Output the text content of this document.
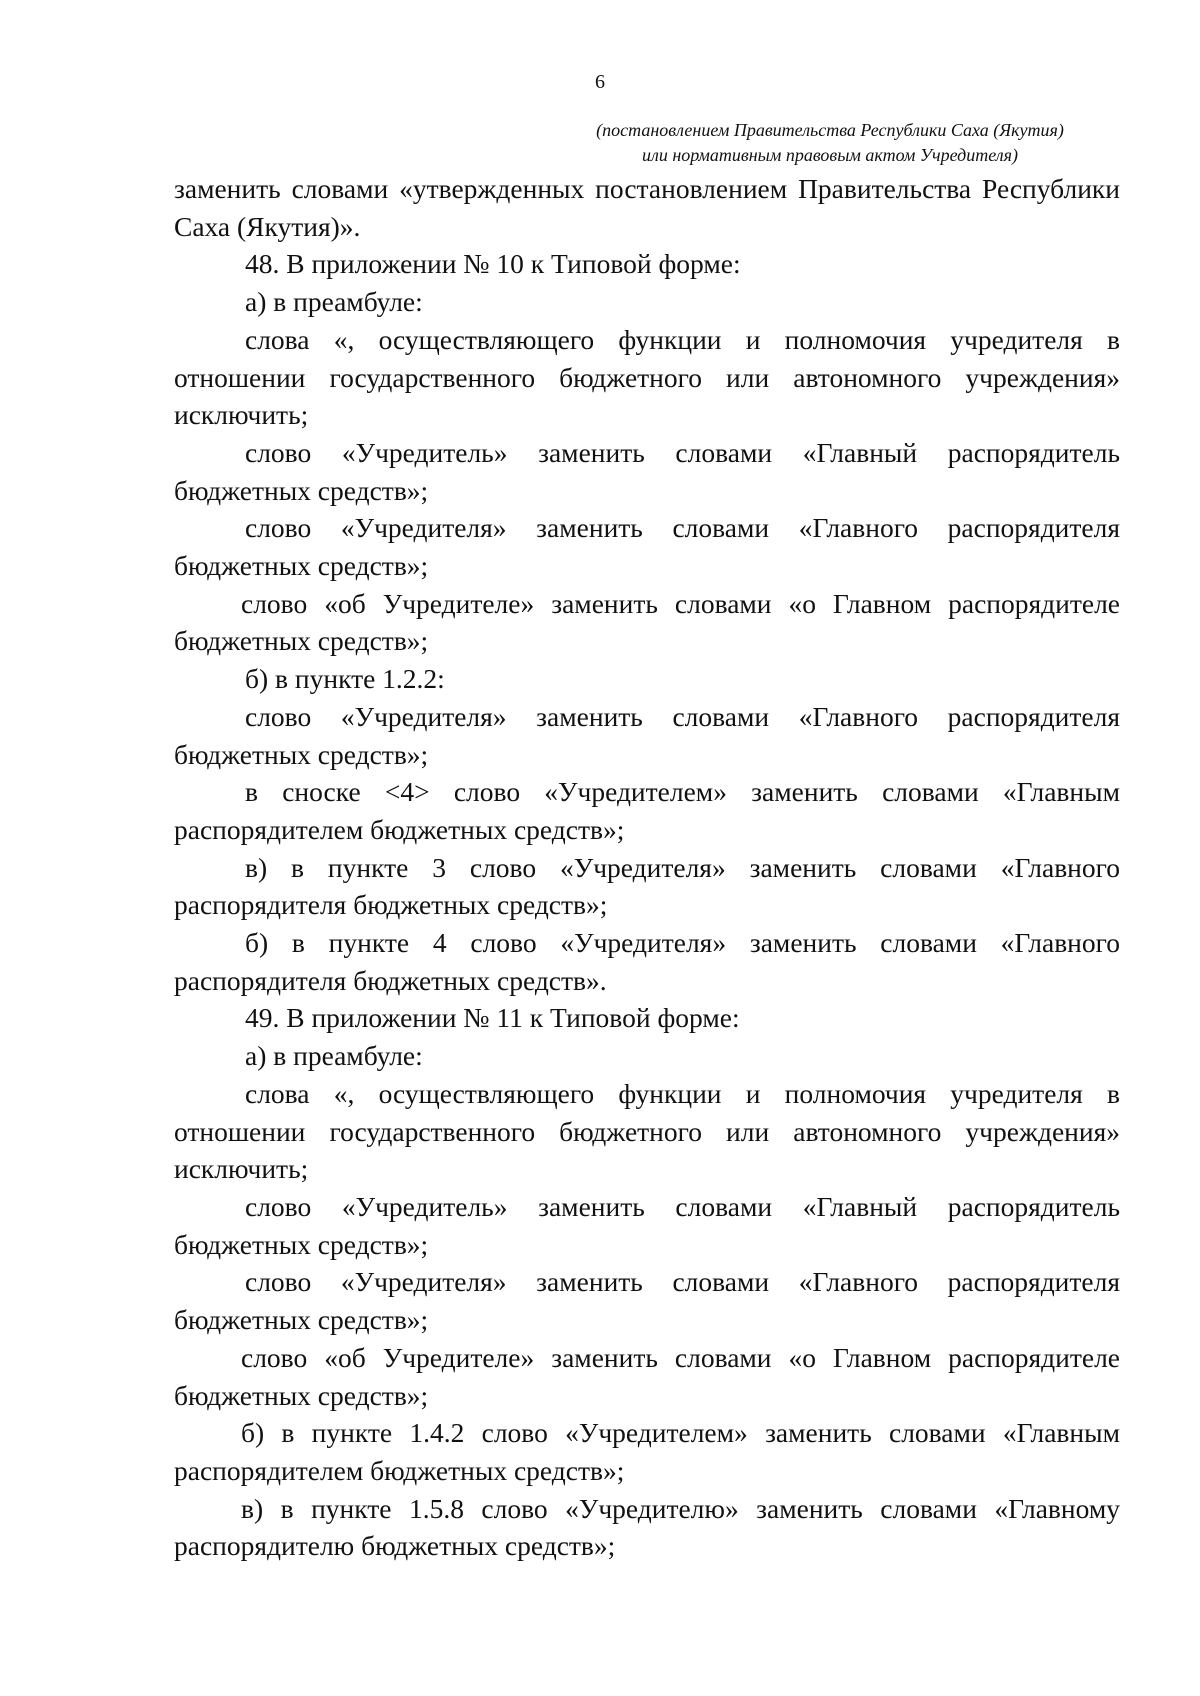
6
(постановлением Правительства Республики Саха (Якутия)
или нормативным правовым актом Учредителя)

заменить словами «утвержденных постановлением Правительства Республики Саха (Якутия)».

48. В приложении № 10 к Типовой форме:

а) в преамбуле:

слова «, осуществляющего функции и полномочия учредителя в отношении государственного бюджетного или автономного учреждения» исключить;

слово «Учредитель» заменить словами «Главный распорядитель бюджетных средств»;

слово «Учредителя» заменить словами «Главного распорядителя бюджетных средств»;

слово «об Учредителе» заменить словами «о Главном распорядителе бюджетных средств»;

б) в пункте 1.2.2:

слово «Учредителя» заменить словами «Главного распорядителя бюджетных средств»;

в сноске <4> слово «Учредителем» заменить словами «Главным распорядителем бюджетных средств»;

в) в пункте 3 слово «Учредителя» заменить словами «Главного распорядителя бюджетных средств»;

б) в пункте 4 слово «Учредителя» заменить словами «Главного распорядителя бюджетных средств».

49. В приложении № 11 к Типовой форме:

а) в преамбуле:

слова «, осуществляющего функции и полномочия учредителя в отношении государственного бюджетного или автономного учреждения» исключить;

слово «Учредитель» заменить словами «Главный распорядитель бюджетных средств»;

слово «Учредителя» заменить словами «Главного распорядителя бюджетных средств»;

слово «об Учредителе» заменить словами «о Главном распорядителе бюджетных средств»;

б) в пункте 1.4.2 слово «Учредителем» заменить словами «Главным распорядителем бюджетных средств»;

в) в пункте 1.5.8 слово «Учредителю» заменить словами «Главному распорядителю бюджетных средств»;
